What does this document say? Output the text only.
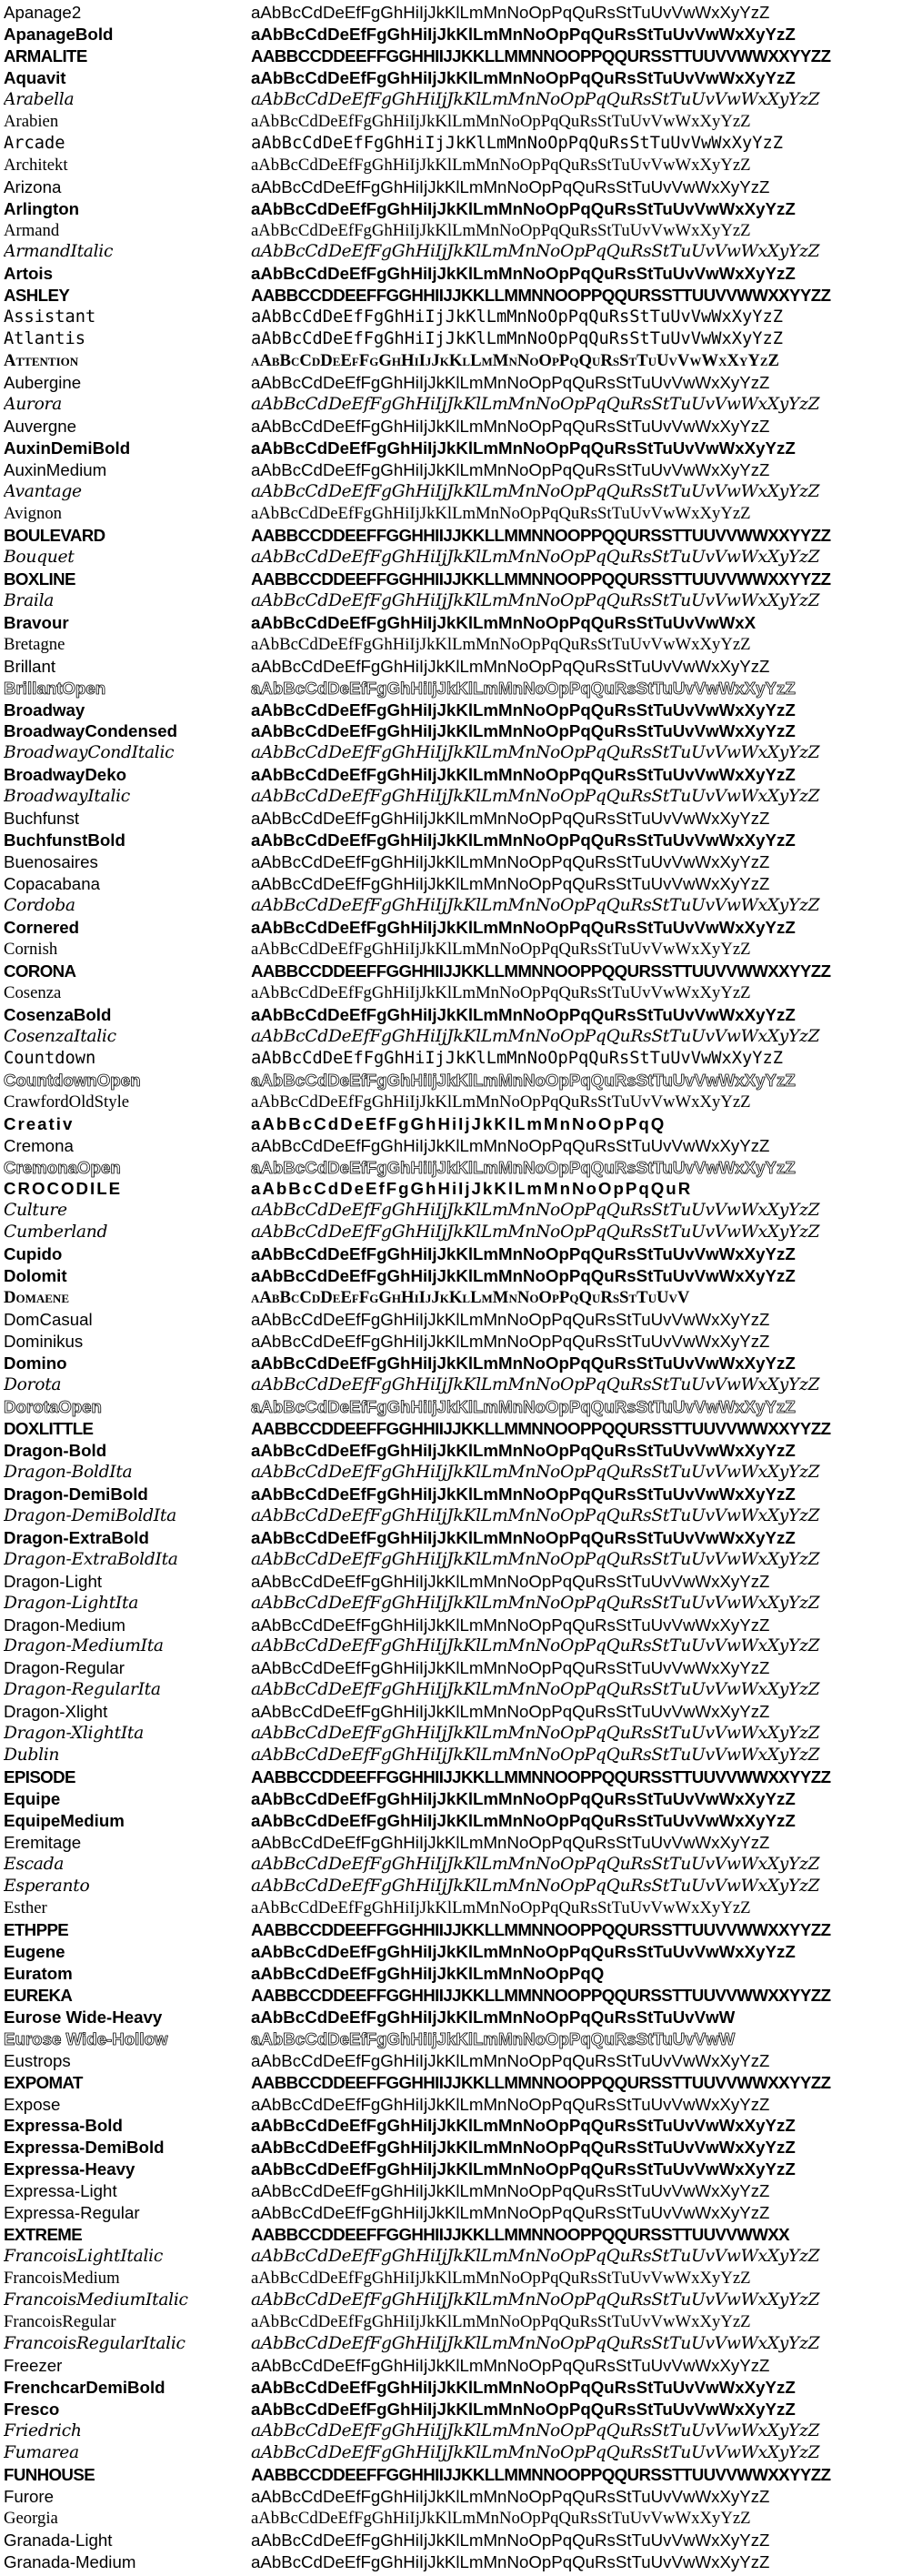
Apanage2	aAbBcCdDeEfFgGhHiIjJkKlLmMnNoOpPqQuRsStTuUvVwWxXyYzZ
ApanageBold	aAbBcCdDeEfFgGhHiIjJkKlLmMnNoOpPqQuRsStTuUvVwWxXyYzZ
ARMALITE	AABBCCDDEEFFGGHHIIJJKKLLMMNNOOPPQQURSSTTUUVVWWXXYYZZ
Aquavit	aAbBcCdDeEfFgGhHiIjJkKlLmMnNoOpPqQuRsStTuUvVwWxXyYzZ
Arabella	aAbBcCdDeEfFgGhHiIjJkKlLmMnNoOpPqQuRsStTuUvVwWxXyYzZ
Arabien	aAbBcCdDeEfFgGhHiIjJkKlLmMnNoOpPqQuRsStTuUvVwWxXyYzZ
Arcade	aAbBcCdDeEfFgGhHiIjJkKlLmMnNoOpPqQuRsStTuUvVwWxXyYzZ
Architekt	aAbBcCdDeEfFgGhHiIjJkKlLmMnNoOpPqQuRsStTuUvVwWxXyYzZ
Arizona	aAbBcCdDeEfFgGhHiIjJkKlLmMnNoOpPqQuRsStTuUvVwWxXyYzZ
Arlington	aAbBcCdDeEfFgGhHiIjJkKlLmMnNoOpPqQuRsStTuUvVwWxXyYzZ
Armand	aAbBcCdDeEfFgGhHiIjJkKlLmMnNoOpPqQuRsStTuUvVwWxXyYzZ
ArmandItalic	aAbBcCdDeEfFgGhHiIjJkKlLmMnNoOpPqQuRsStTuUvVwWxXyYzZ
Artois	aAbBcCdDeEfFgGhHiIjJkKlLmMnNoOpPqQuRsStTuUvVwWxXyYzZ
ASHLEY	AABBCCDDEEFFGGHHIIJJKKLLMMNNOOPPQQURSSTTUUVVWWXXYYZZ
Assistant	aAbBcCdDeEfFgGhHiIjJkKlLmMnNoOpPqQuRsStTuUvVwWxXyYzZ
Atlantis	aAbBcCdDeEfFgGhHiIjJkKlLmMnNoOpPqQuRsStTuUvVwWxXyYzZ
Attention	aAbBcCdDeEfFgGhHiIjJkKlLmMnNoOpPqQuRsStTuUvVwWxXyYzZ
Aubergine	aAbBcCdDeEfFgGhHiIjJkKlLmMnNoOpPqQuRsStTuUvVwWxXyYzZ
Aurora	aAbBcCdDeEfFgGhHiIjJkKlLmMnNoOpPqQuRsStTuUvVwWxXyYzZ
Auvergne	aAbBcCdDeEfFgGhHiIjJkKlLmMnNoOpPqQuRsStTuUvVwWxXyYzZ
AuxinDemiBold	aAbBcCdDeEfFgGhHiIjJkKlLmMnNoOpPqQuRsStTuUvVwWxXyYzZ
AuxinMedium	aAbBcCdDeEfFgGhHiIjJkKlLmMnNoOpPqQuRsStTuUvVwWxXyYzZ
Avantage	aAbBcCdDeEfFgGhHiIjJkKlLmMnNoOpPqQuRsStTuUvVwWxXyYzZ
Avignon	aAbBcCdDeEfFgGhHiIjJkKlLmMnNoOpPqQuRsStTuUvVwWxXyYzZ
BOULEVARD	AABBCCDDEEFFGGHHIIJJKKLLMMNNOOPPQQURSSTTUUVVWWXXYYZZ
Bouquet	aAbBcCdDeEfFgGhHiIjJkKlLmMnNoOpPqQuRsStTuUvVwWxXyYzZ
BOXLINE	AABBCCDDEEFFGGHHIIJJKKLLMMNNOOPPQQURSSTTUUVVWWXXYYZZ
Braila	aAbBcCdDeEfFgGhHiIjJkKlLmMnNoOpPqQuRsStTuUvVwWxXyYzZ
Bravour	aAbBcCdDeEfFgGhHiIjJkKlLmMnNoOpPqQuRsStTuUvVwWxX
Bretagne	aAbBcCdDeEfFgGhHiIjJkKlLmMnNoOpPqQuRsStTuUvVwWxXyYzZ
Brillant	aAbBcCdDeEfFgGhHiIjJkKlLmMnNoOpPqQuRsStTuUvVwWxXyYzZ
BrillantOpen	aAbBcCdDeEfFgGhHiIjJkKlLmMnNoOpPqQuRsStTuUvVwWxXyYzZ
Broadway	aAbBcCdDeEfFgGhHiIjJkKlLmMnNoOpPqQuRsStTuUvVwWxXyYzZ
BroadwayCondensed	aAbBcCdDeEfFgGhHiIjJkKlLmMnNoOpPqQuRsStTuUvVwWxXyYzZ
BroadwayCondItalic	aAbBcCdDeEfFgGhHiIjJkKlLmMnNoOpPqQuRsStTuUvVwWxXyYzZ
BroadwayDeko	aAbBcCdDeEfFgGhHiIjJkKlLmMnNoOpPqQuRsStTuUvVwWxXyYzZ
BroadwayItalic	aAbBcCdDeEfFgGhHiIjJkKlLmMnNoOpPqQuRsStTuUvVwWxXyYzZ
Buchfunst	aAbBcCdDeEfFgGhHiIjJkKlLmMnNoOpPqQuRsStTuUvVwWxXyYzZ
BuchfunstBold	aAbBcCdDeEfFgGhHiIjJkKlLmMnNoOpPqQuRsStTuUvVwWxXyYzZ
Buenosaires	aAbBcCdDeEfFgGhHiIjJkKlLmMnNoOpPqQuRsStTuUvVwWxXyYzZ
Copacabana	aAbBcCdDeEfFgGhHiIjJkKlLmMnNoOpPqQuRsStTuUvVwWxXyYzZ
Cordoba	aAbBcCdDeEfFgGhHiIjJkKlLmMnNoOpPqQuRsStTuUvVwWxXyYzZ
Cornered	aAbBcCdDeEfFgGhHiIjJkKlLmMnNoOpPqQuRsStTuUvVwWxXyYzZ
Cornish	aAbBcCdDeEfFgGhHiIjJkKlLmMnNoOpPqQuRsStTuUvVwWxXyYzZ
CORONA	AABBCCDDEEFFGGHHIIJJKKLLMMNNOOPPQQURSSTTUUVVWWXXYYZZ
Cosenza	aAbBcCdDeEfFgGhHiIjJkKlLmMnNoOpPqQuRsStTuUvVwWxXyYzZ
CosenzaBold	aAbBcCdDeEfFgGhHiIjJkKlLmMnNoOpPqQuRsStTuUvVwWxXyYzZ
CosenzaItalic	aAbBcCdDeEfFgGhHiIjJkKlLmMnNoOpPqQuRsStTuUvVwWxXyYzZ
Countdown	aAbBcCdDeEfFgGhHiIjJkKlLmMnNoOpPqQuRsStTuUvVwWxXyYzZ
CountdownOpen	aAbBcCdDeEfFgGhHiIjJkKlLmMnNoOpPqQuRsStTuUvVwWxXyYzZ
CrawfordOldStyle	aAbBcCdDeEfFgGhHiIjJkKlLmMnNoOpPqQuRsStTuUvVwWxXyYzZ
Creativ	aAbBcCdDeEfFgGhHiIjJkKlLmMnNoOpPqQ
Cremona	aAbBcCdDeEfFgGhHiIjJkKlLmMnNoOpPqQuRsStTuUvVwWxXyYzZ
CremonaOpen	aAbBcCdDeEfFgGhHiIjJkKlLmMnNoOpPqQuRsStTuUvVwWxXyYzZ
CROCODILE	aAbBcCdDeEfFgGhHiIjJkKlLmMnNoOpPqQuR
Culture	aAbBcCdDeEfFgGhHiIjJkKlLmMnNoOpPqQuRsStTuUvVwWxXyYzZ
Cumberland	aAbBcCdDeEfFgGhHiIjJkKlLmMnNoOpPqQuRsStTuUvVwWxXyYzZ
Cupido	aAbBcCdDeEfFgGhHiIjJkKlLmMnNoOpPqQuRsStTuUvVwWxXyYzZ
Dolomit	aAbBcCdDeEfFgGhHiIjJkKlLmMnNoOpPqQuRsStTuUvVwWxXyYzZ
Domaene	aAbBcCdDeEfFgGhHiIjJkKlLmMnNoOpPqQuRsStTuUvV
DomCasual	aAbBcCdDeEfFgGhHiIjJkKlLmMnNoOpPqQuRsStTuUvVwWxXyYzZ
Dominikus	aAbBcCdDeEfFgGhHiIjJkKlLmMnNoOpPqQuRsStTuUvVwWxXyYzZ
Domino	aAbBcCdDeEfFgGhHiIjJkKlLmMnNoOpPqQuRsStTuUvVwWxXyYzZ
Dorota	aAbBcCdDeEfFgGhHiIjJkKlLmMnNoOpPqQuRsStTuUvVwWxXyYzZ
DorotaOpen	aAbBcCdDeEfFgGhHiIjJkKlLmMnNoOpPqQuRsStTuUvVwWxXyYzZ
DOXLITTLE	AABBCCDDEEFFGGHHIIJJKKLLMMNNOOPPQQURSSTTUUVVWWXXYYZZ
Dragon-Bold	aAbBcCdDeEfFgGhHiIjJkKlLmMnNoOpPqQuRsStTuUvVwWxXyYzZ
Dragon-BoldIta	aAbBcCdDeEfFgGhHiIjJkKlLmMnNoOpPqQuRsStTuUvVwWxXyYzZ
Dragon-DemiBold	aAbBcCdDeEfFgGhHiIjJkKlLmMnNoOpPqQuRsStTuUvVwWxXyYzZ
Dragon-DemiBoldIta	aAbBcCdDeEfFgGhHiIjJkKlLmMnNoOpPqQuRsStTuUvVwWxXyYzZ
Dragon-ExtraBold	aAbBcCdDeEfFgGhHiIjJkKlLmMnNoOpPqQuRsStTuUvVwWxXyYzZ
Dragon-ExtraBoldIta	aAbBcCdDeEfFgGhHiIjJkKlLmMnNoOpPqQuRsStTuUvVwWxXyYzZ
Dragon-Light	aAbBcCdDeEfFgGhHiIjJkKlLmMnNoOpPqQuRsStTuUvVwWxXyYzZ
Dragon-LightIta	aAbBcCdDeEfFgGhHiIjJkKlLmMnNoOpPqQuRsStTuUvVwWxXyYzZ
Dragon-Medium	aAbBcCdDeEfFgGhHiIjJkKlLmMnNoOpPqQuRsStTuUvVwWxXyYzZ
Dragon-MediumIta	aAbBcCdDeEfFgGhHiIjJkKlLmMnNoOpPqQuRsStTuUvVwWxXyYzZ
Dragon-Regular	aAbBcCdDeEfFgGhHiIjJkKlLmMnNoOpPqQuRsStTuUvVwWxXyYzZ
Dragon-RegularIta	aAbBcCdDeEfFgGhHiIjJkKlLmMnNoOpPqQuRsStTuUvVwWxXyYzZ
Dragon-Xlight	aAbBcCdDeEfFgGhHiIjJkKlLmMnNoOpPqQuRsStTuUvVwWxXyYzZ
Dragon-XlightIta	aAbBcCdDeEfFgGhHiIjJkKlLmMnNoOpPqQuRsStTuUvVwWxXyYzZ
Dublin	aAbBcCdDeEfFgGhHiIjJkKlLmMnNoOpPqQuRsStTuUvVwWxXyYzZ
EPISODE	AABBCCDDEEFFGGHHIIJJKKLLMMNNOOPPQQURSSTTUUVVWWXXYYZZ
Equipe	aAbBcCdDeEfFgGhHiIjJkKlLmMnNoOpPqQuRsStTuUvVwWxXyYzZ
EquipeMedium	aAbBcCdDeEfFgGhHiIjJkKlLmMnNoOpPqQuRsStTuUvVwWxXyYzZ
Eremitage	aAbBcCdDeEfFgGhHiIjJkKlLmMnNoOpPqQuRsStTuUvVwWxXyYzZ
Escada	aAbBcCdDeEfFgGhHiIjJkKlLmMnNoOpPqQuRsStTuUvVwWxXyYzZ
Esperanto	aAbBcCdDeEfFgGhHiIjJkKlLmMnNoOpPqQuRsStTuUvVwWxXyYzZ
Esther	aAbBcCdDeEfFgGhHiIjJkKlLmMnNoOpPqQuRsStTuUvVwWxXyYzZ
ETHPPE	AABBCCDDEEFFGGHHIIJJKKLLMMNNOOPPQQURSSTTUUVVWWXXYYZZ
Eugene	aAbBcCdDeEfFgGhHiIjJkKlLmMnNoOpPqQuRsStTuUvVwWxXyYzZ
Euratom	aAbBcCdDeEfFgGhHiIjJkKlLmMnNoOpPqQ
EUREKA	AABBCCDDEEFFGGHHIIJJKKLLMMNNOOPPQQURSSTTUUVVWWXXYYZZ
Eurose Wide-Heavy	aAbBcCdDeEfFgGhHiIjJkKlLmMnNoOpPqQuRsStTuUvVwW
Eurose Wide-Hollow	aAbBcCdDeEfFgGhHiIjJkKlLmMnNoOpPqQuRsStTuUvVwW
Eustrops	aAbBcCdDeEfFgGhHiIjJkKlLmMnNoOpPqQuRsStTuUvVwWxXyYzZ
EXPOMAT	AABBCCDDEEFFGGHHIIJJKKLLMMNNOOPPQQURSSTTUUVVWWXXYYZZ
Expose	aAbBcCdDeEfFgGhHiIjJkKlLmMnNoOpPqQuRsStTuUvVwWxXyYzZ
Expressa-Bold	aAbBcCdDeEfFgGhHiIjJkKlLmMnNoOpPqQuRsStTuUvVwWxXyYzZ
Expressa-DemiBold	aAbBcCdDeEfFgGhHiIjJkKlLmMnNoOpPqQuRsStTuUvVwWxXyYzZ
Expressa-Heavy	aAbBcCdDeEfFgGhHiIjJkKlLmMnNoOpPqQuRsStTuUvVwWxXyYzZ
Expressa-Light	aAbBcCdDeEfFgGhHiIjJkKlLmMnNoOpPqQuRsStTuUvVwWxXyYzZ
Expressa-Regular	aAbBcCdDeEfFgGhHiIjJkKlLmMnNoOpPqQuRsStTuUvVwWxXyYzZ
EXTREME	AABBCCDDEEFFGGHHIIJJKKLLMMNNOOPPQQURSSTTUUVVWWXX
FrancoisLightItalic	aAbBcCdDeEfFgGhHiIjJkKlLmMnNoOpPqQuRsStTuUvVwWxXyYzZ
FrancoisMedium	aAbBcCdDeEfFgGhHiIjJkKlLmMnNoOpPqQuRsStTuUvVwWxXyYzZ
FrancoisMediumItalic	aAbBcCdDeEfFgGhHiIjJkKlLmMnNoOpPqQuRsStTuUvVwWxXyYzZ
FrancoisRegular	aAbBcCdDeEfFgGhHiIjJkKlLmMnNoOpPqQuRsStTuUvVwWxXyYzZ
FrancoisRegularItalic	aAbBcCdDeEfFgGhHiIjJkKlLmMnNoOpPqQuRsStTuUvVwWxXyYzZ
Freezer	aAbBcCdDeEfFgGhHiIjJkKlLmMnNoOpPqQuRsStTuUvVwWxXyYzZ
FrenchcarDemiBold	aAbBcCdDeEfFgGhHiIjJkKlLmMnNoOpPqQuRsStTuUvVwWxXyYzZ
Fresco	aAbBcCdDeEfFgGhHiIjJkKlLmMnNoOpPqQuRsStTuUvVwWxXyYzZ
Friedrich	aAbBcCdDeEfFgGhHiIjJkKlLmMnNoOpPqQuRsStTuUvVwWxXyYzZ
Fumarea	aAbBcCdDeEfFgGhHiIjJkKlLmMnNoOpPqQuRsStTuUvVwWxXyYzZ
FUNHOUSE	AABBCCDDEEFFGGHHIIJJKKLLMMNNOOPPQQURSSTTUUVVWWXXYYZZ
Furore	aAbBcCdDeEfFgGhHiIjJkKlLmMnNoOpPqQuRsStTuUvVwWxXyYzZ
Georgia	aAbBcCdDeEfFgGhHiIjJkKlLmMnNoOpPqQuRsStTuUvVwWxXyYzZ
Granada-Light	aAbBcCdDeEfFgGhHiIjJkKlLmMnNoOpPqQuRsStTuUvVwWxXyYzZ
Granada-Medium	aAbBcCdDeEfFgGhHiIjJkKlLmMnNoOpPqQuRsStTuUvVwWxXyYzZ
